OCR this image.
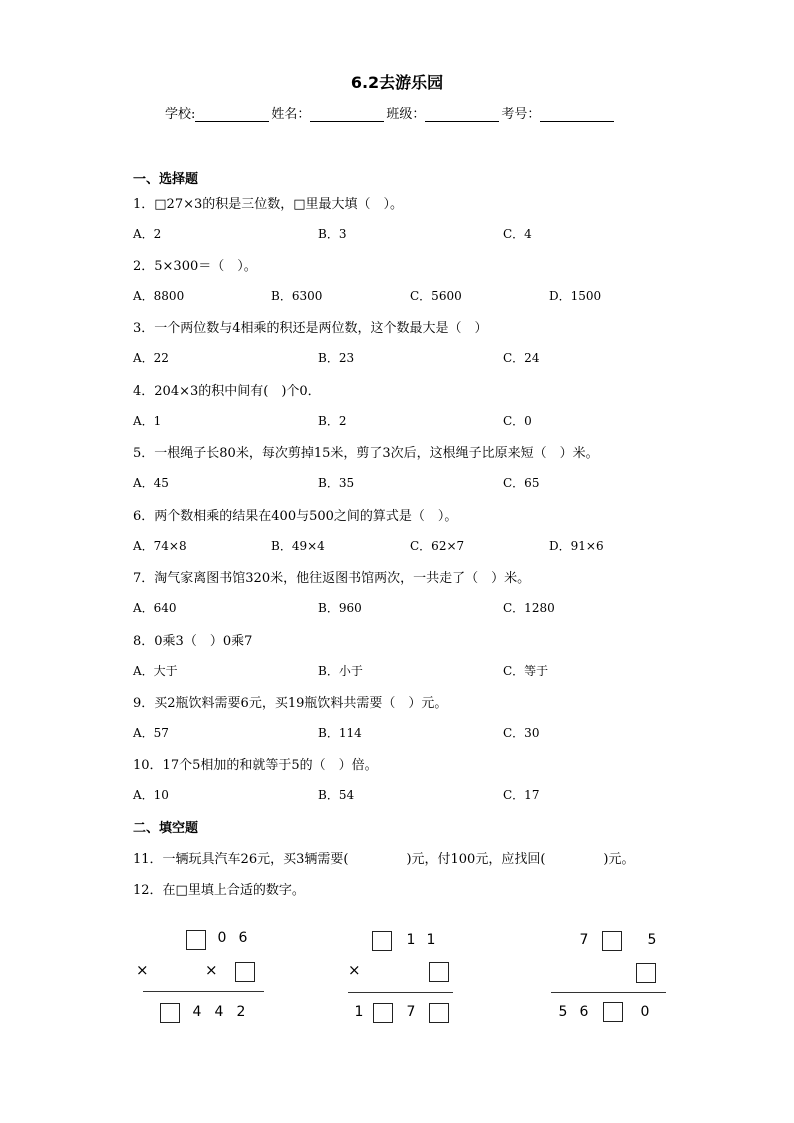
6.2去游乐园
学校:	姓名：	班级：	考号：
一、选择题
1．□27×3的积是三位数，□里最大填（　）。
A．2	B．3	C．4
2．5×300＝（　）。
A．8800	B．6300	C．5600	D．1500
3．一个两位数与4相乘的积还是两位数，这个数最大是（　）
A．22	B．23	C．24
4．204×3的积中间有(　)个0．
A．1	B．2	C．0
5．一根绳子长80米，每次剪掉15米，剪了3次后，这根绳子比原来短（　）米。
A．45	B．35	C．65
6．两个数相乘的结果在400与500之间的算式是（　）。
A．74×8	B．49×4	C．62×7	D．91×6
7．淘气家离图书馆320米，他往返图书馆两次，一共走了（　）米。
A．640	B．960	C．1280
8．0乘3（　）0乘7
A．大于	B．小于	C．等于
9．买2瓶饮料需要6元，买19瓶饮料共需要（　）元。
A．57	B．114	C．30
10．17个5相加的和就等于5的（　）倍。
A．10	B．54	C．17
二、填空题
11．一辆玩具汽车26元，买3辆需要(	)元，付100元，应找回(	)元。
12．在□里填上合适的数字。
0 6
×	×
4 4 2
1 1
×
1	7
7	5
5 6	0
